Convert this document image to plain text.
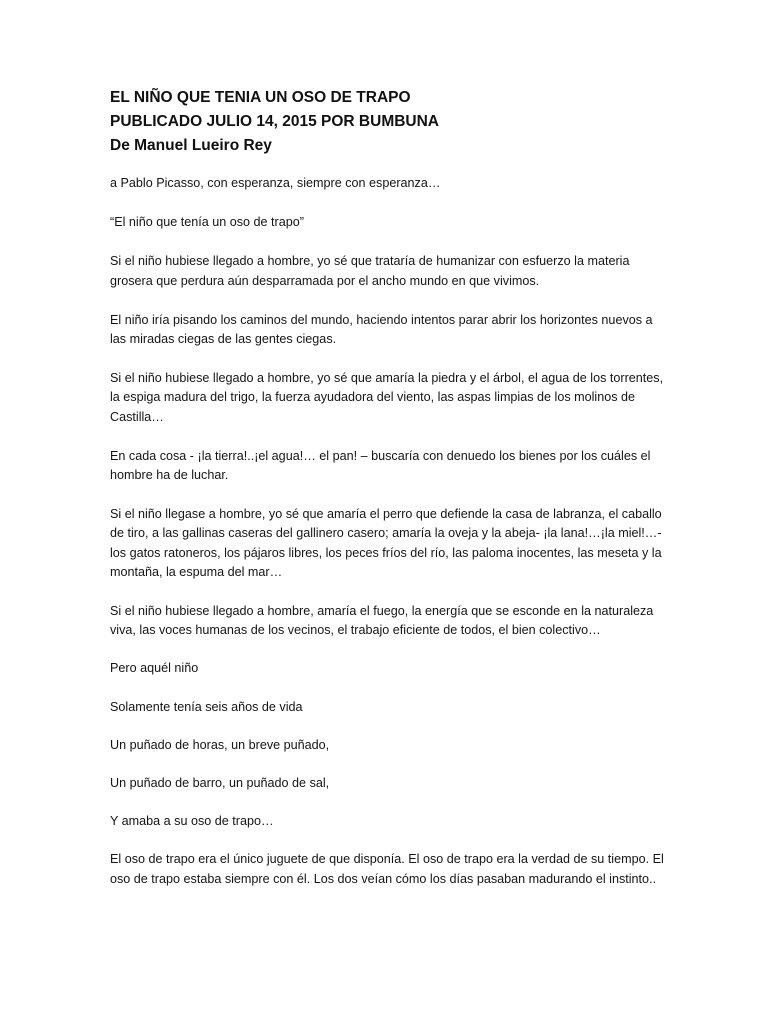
EL NIÑO QUE TENIA UN OSO DE TRAPO
PUBLICADO JULIO 14, 2015 POR BUMBUNA
De Manuel Lueiro Rey

a Pablo Picasso, con esperanza, siempre con esperanza…

“El niño que tenía un oso de trapo”

Si el niño hubiese llegado a hombre, yo sé que trataría de humanizar con esfuerzo la materia grosera que perdura aún desparramada por el ancho mundo en que vivimos.

El niño iría pisando los caminos del mundo, haciendo intentos parar abrir los horizontes nuevos a las miradas ciegas de las gentes ciegas.

Si el niño hubiese llegado a hombre, yo sé que amaría la piedra y el árbol, el agua de los torrentes, la espiga madura del trigo, la fuerza ayudadora del viento, las aspas limpias de los molinos de Castilla…

En cada cosa - ¡la tierra!..¡el agua!… el pan! – buscaría con denuedo los bienes por los cuáles el hombre ha de luchar.

Si el niño llegase a hombre, yo sé que amaría el perro que defiende la casa de labranza, el caballo de tiro, a las gallinas caseras del gallinero casero; amaría la oveja y la abeja- ¡la lana!…¡la miel!…- los gatos ratoneros, los pájaros libres, los peces fríos del río, las paloma inocentes, las meseta y la montaña, la espuma del mar…

Si el niño hubiese llegado a hombre, amaría el fuego, la energía que se esconde en la naturaleza viva, las voces humanas de los vecinos, el trabajo eficiente de todos, el bien colectivo…

Pero aquél niño

Solamente tenía seis años de vida

Un puñado de horas, un breve puñado,

Un puñado de barro, un puñado de sal,

Y amaba a su oso de trapo…

El oso de trapo era el único juguete de que disponía. El oso de trapo era la verdad de su tiempo. El oso de trapo estaba siempre con él. Los dos veían cómo los días pasaban madurando el instinto..
